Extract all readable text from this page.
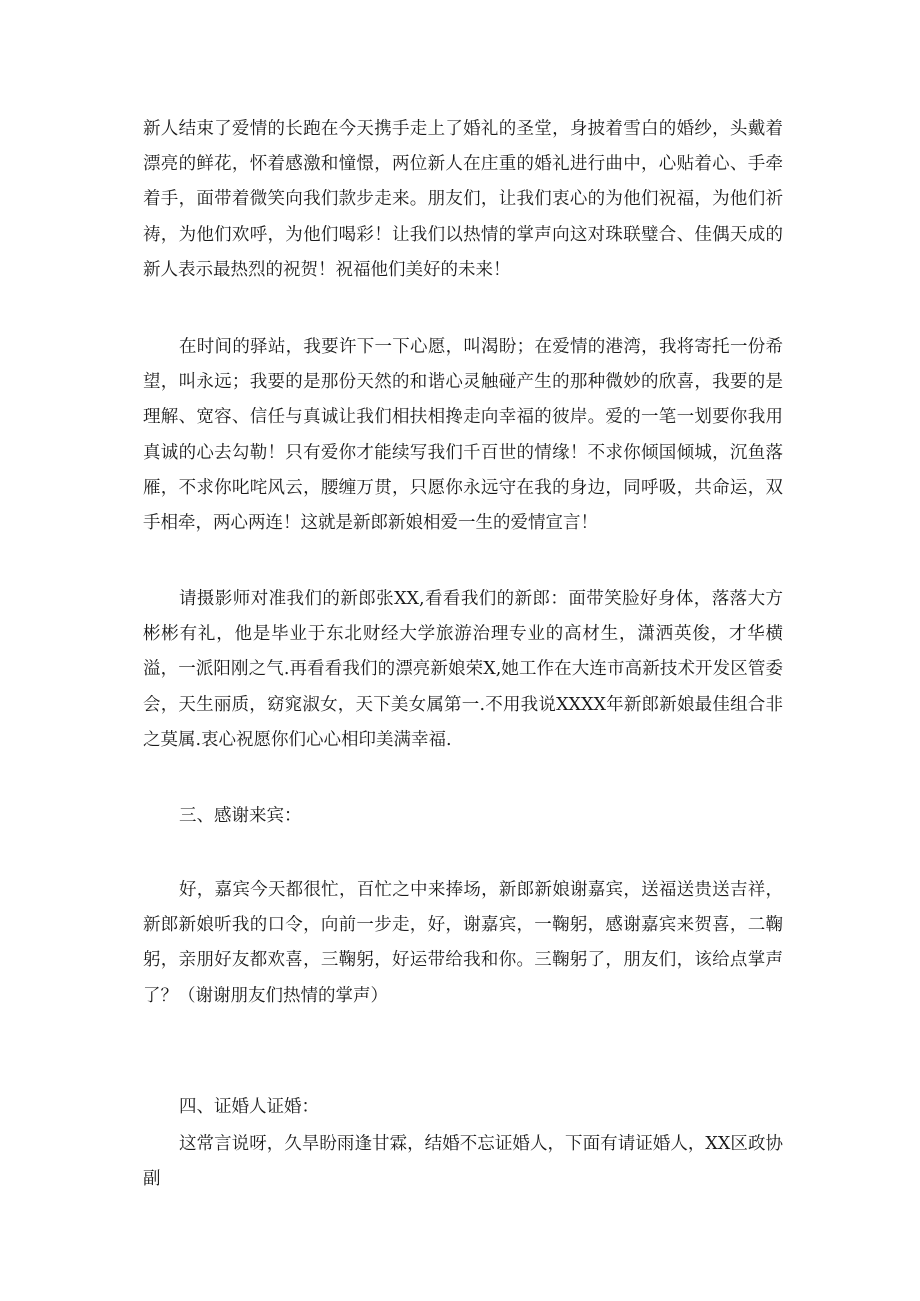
新人结束了爱情的长跑在今天携手走上了婚礼的圣堂，身披着雪白的婚纱，头戴着漂亮的鲜花，怀着感激和憧憬，两位新人在庄重的婚礼进行曲中，心贴着心、手牵着手，面带着微笑向我们款步走来。朋友们，让我们衷心的为他们祝福，为他们祈祷，为他们欢呼，为他们喝彩！让我们以热情的掌声向这对珠联璧合、佳偶天成的新人表示最热烈的祝贺！祝福他们美好的未来！

在时间的驿站，我要许下一下心愿，叫渴盼；在爱情的港湾，我将寄托一份希望，叫永远；我要的是那份天然的和谐心灵触碰产生的那种微妙的欣喜，我要的是理解、宽容、信任与真诚让我们相扶相搀走向幸福的彼岸。爱的一笔一划要你我用真诚的心去勾勒！只有爱你才能续写我们千百世的情缘！不求你倾国倾城，沉鱼落雁，不求你叱咤风云，腰缠万贯，只愿你永远守在我的身边，同呼吸，共命运，双手相牵，两心两连！这就是新郎新娘相爱一生的爱情宣言！

请摄影师对准我们的新郎张XX,看看我们的新郎：面带笑脸好身体，落落大方彬彬有礼，他是毕业于东北财经大学旅游治理专业的高材生，潇洒英俊，才华横溢，一派阳刚之气.再看看我们的漂亮新娘荣X,她工作在大连市高新技术开发区管委会，天生丽质，窈窕淑女，天下美女属第一.不用我说XXXX年新郎新娘最佳组合非之莫属.衷心祝愿你们心心相印美满幸福.

三、感谢来宾：

好，嘉宾今天都很忙，百忙之中来捧场，新郎新娘谢嘉宾，送福送贵送吉祥，新郎新娘听我的口令，向前一步走，好，谢嘉宾，一鞠躬，感谢嘉宾来贺喜，二鞠躬，亲朋好友都欢喜，三鞠躬，好运带给我和你。三鞠躬了，朋友们，该给点掌声了？（谢谢朋友们热情的掌声）

四、证婚人证婚：

这常言说呀，久旱盼雨逢甘霖，结婚不忘证婚人，下面有请证婚人，XX区政协副
